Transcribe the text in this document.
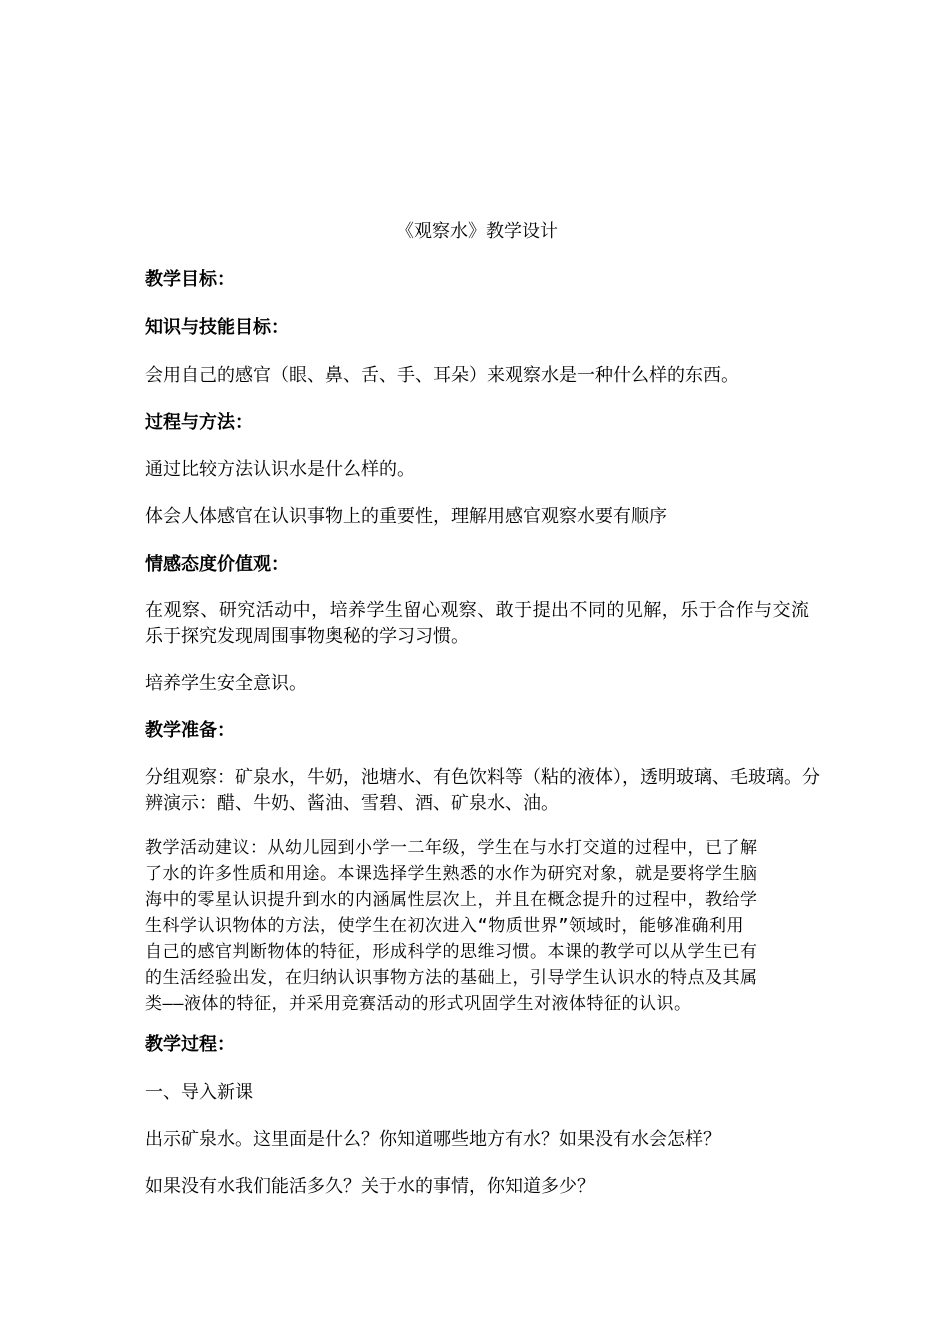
《观察水》教学设计
教学目标：
知识与技能目标：
会用自己的感官（眼、鼻、舌、手、耳朵）来观察水是一种什么样的东西。
过程与方法：
通过比较方法认识水是什么样的。
体会人体感官在认识事物上的重要性，理解用感官观察水要有顺序
情感态度价值观：
在观察、研究活动中，培养学生留心观察、敢于提出不同的见解，乐于合作与交流
乐于探究发现周围事物奥秘的学习习惯。
培养学生安全意识。
教学准备：
分组观察：矿泉水，牛奶，池塘水、有色饮料等（粘的液体），透明玻璃、毛玻璃。分
辨演示：醋、牛奶、酱油、雪碧、酒、矿泉水、油。
教学活动建议：从幼儿园到小学一二年级，学生在与水打交道的过程中，已了解
了水的许多性质和用途。本课选择学生熟悉的水作为研究对象，就是要将学生脑
海中的零星认识提升到水的内涵属性层次上，并且在概念提升的过程中，教给学
生科学认识物体的方法，使学生在初次进入“物质世界”领域时，能够准确利用
自己的感官判断物体的特征，形成科学的思维习惯。本课的教学可以从学生已有
的生活经验出发，在归纳认识事物方法的基础上，引导学生认识水的特点及其属
类——液体的特征，并采用竞赛活动的形式巩固学生对液体特征的认识。
教学过程：
一、导入新课
出示矿泉水。这里面是什么？你知道哪些地方有水？如果没有水会怎样？
如果没有水我们能活多久？关于水的事情，你知道多少？
